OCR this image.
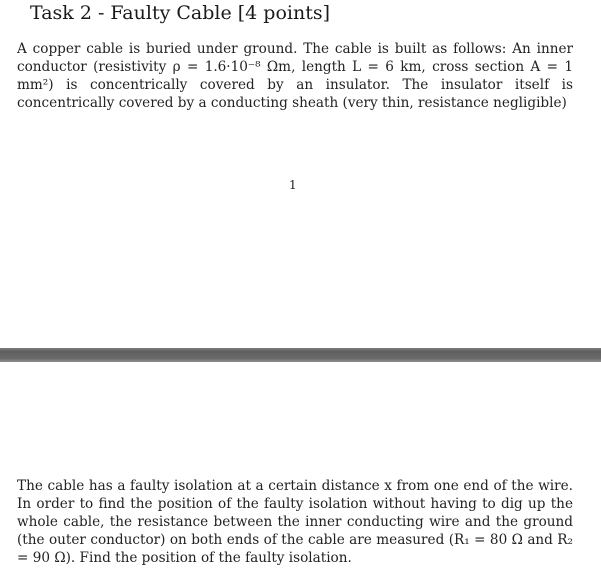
Task 2 - Faulty Cable [4 points]

A copper cable is buried under ground. The cable is built as follows: An inner conductor (resistivity ρ = 1.6·10⁻⁸ Ωm, length L = 6 km, cross section A = 1 mm²) is concentrically covered by an insulator. The insulator itself is concentrically covered by a conducting sheath (very thin, resistance negligible)

1

The cable has a faulty isolation at a certain distance x from one end of the wire. In order to find the position of the faulty isolation without having to dig up the whole cable, the resistance between the inner conducting wire and the ground (the outer conductor) on both ends of the cable are measured (R₁ = 80 Ω and R₂ = 90 Ω). Find the position of the faulty isolation.
